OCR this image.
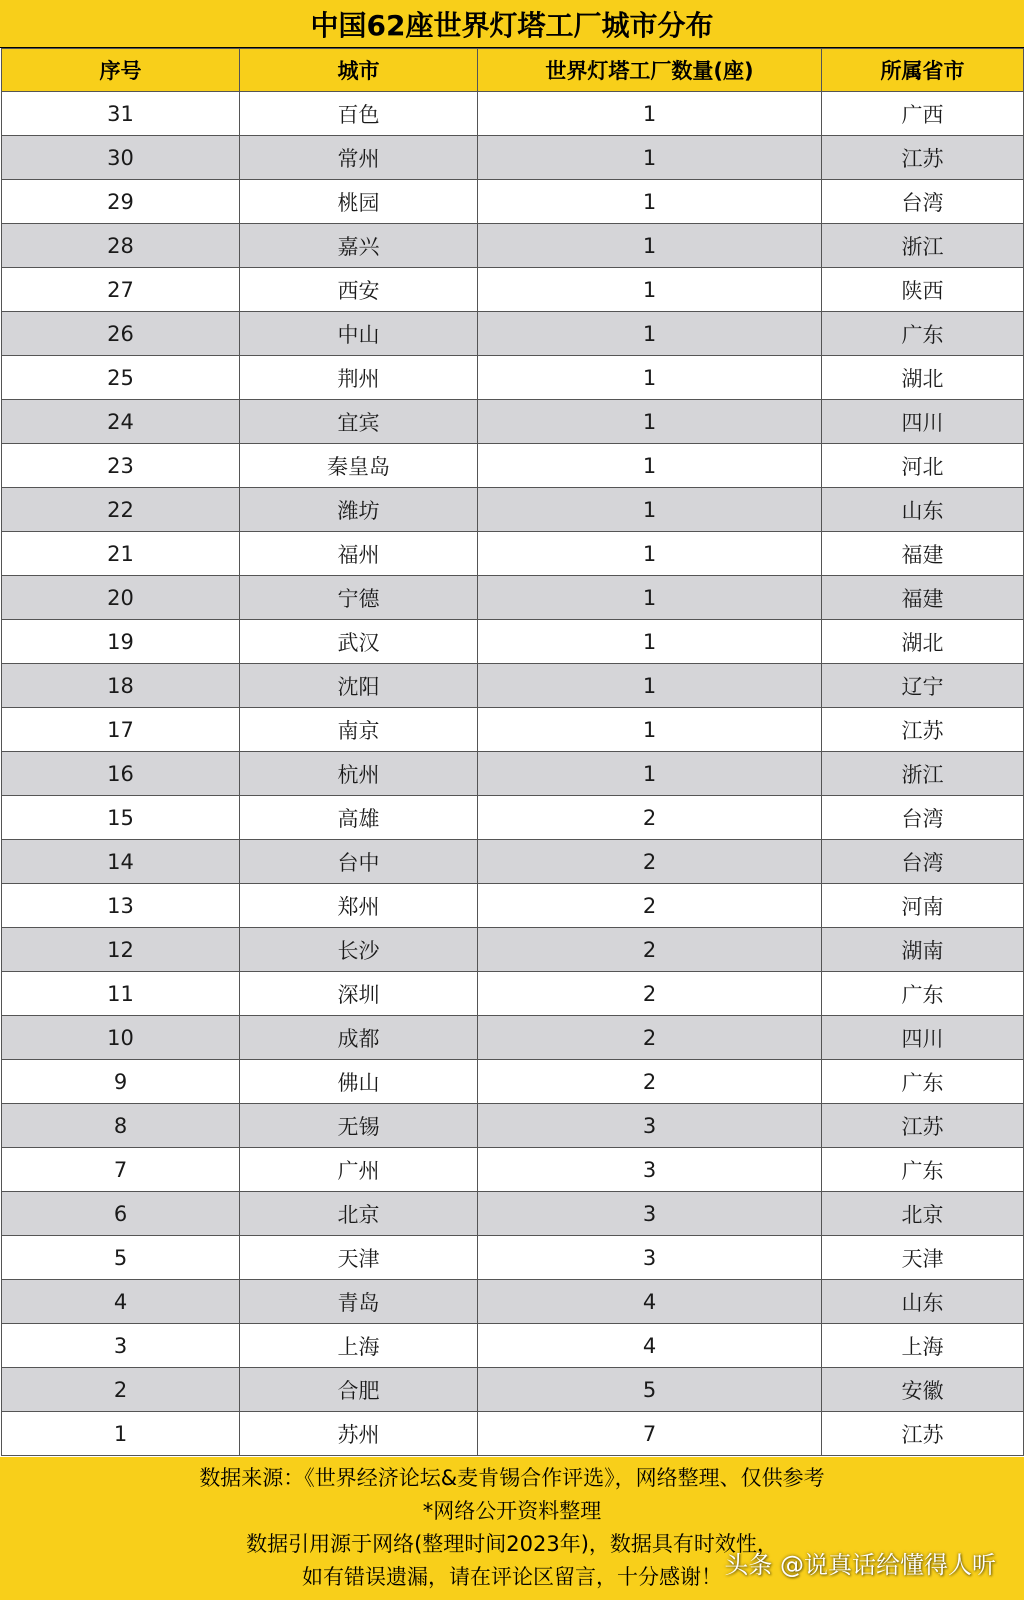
中国62座世界灯塔工厂城市分布
序号	城市	世界灯塔工厂数量(座)	所属省市
31	百色	1	广西
30	常州	1	江苏
29	桃园	1	台湾
28	嘉兴	1	浙江
27	西安	1	陕西
26	中山	1	广东
25	荆州	1	湖北
24	宜宾	1	四川
23	秦皇岛	1	河北
22	潍坊	1	山东
21	福州	1	福建
20	宁德	1	福建
19	武汉	1	湖北
18	沈阳	1	辽宁
17	南京	1	江苏
16	杭州	1	浙江
15	高雄	2	台湾
14	台中	2	台湾
13	郑州	2	河南
12	长沙	2	湖南
11	深圳	2	广东
10	成都	2	四川
9	佛山	2	广东
8	无锡	3	江苏
7	广州	3	广东
6	北京	3	北京
5	天津	3	天津
4	青岛	4	山东
3	上海	4	上海
2	合肥	5	安徽
1	苏州	7	江苏
数据来源：《世界经济论坛&麦肯锡合作评选》，网络整理、仅供参考
*网络公开资料整理
数据引用源于网络(整理时间2023年)，数据具有时效性，
如有错误遗漏，请在评论区留言，十分感谢！ 头条 @说真话给懂得人听
